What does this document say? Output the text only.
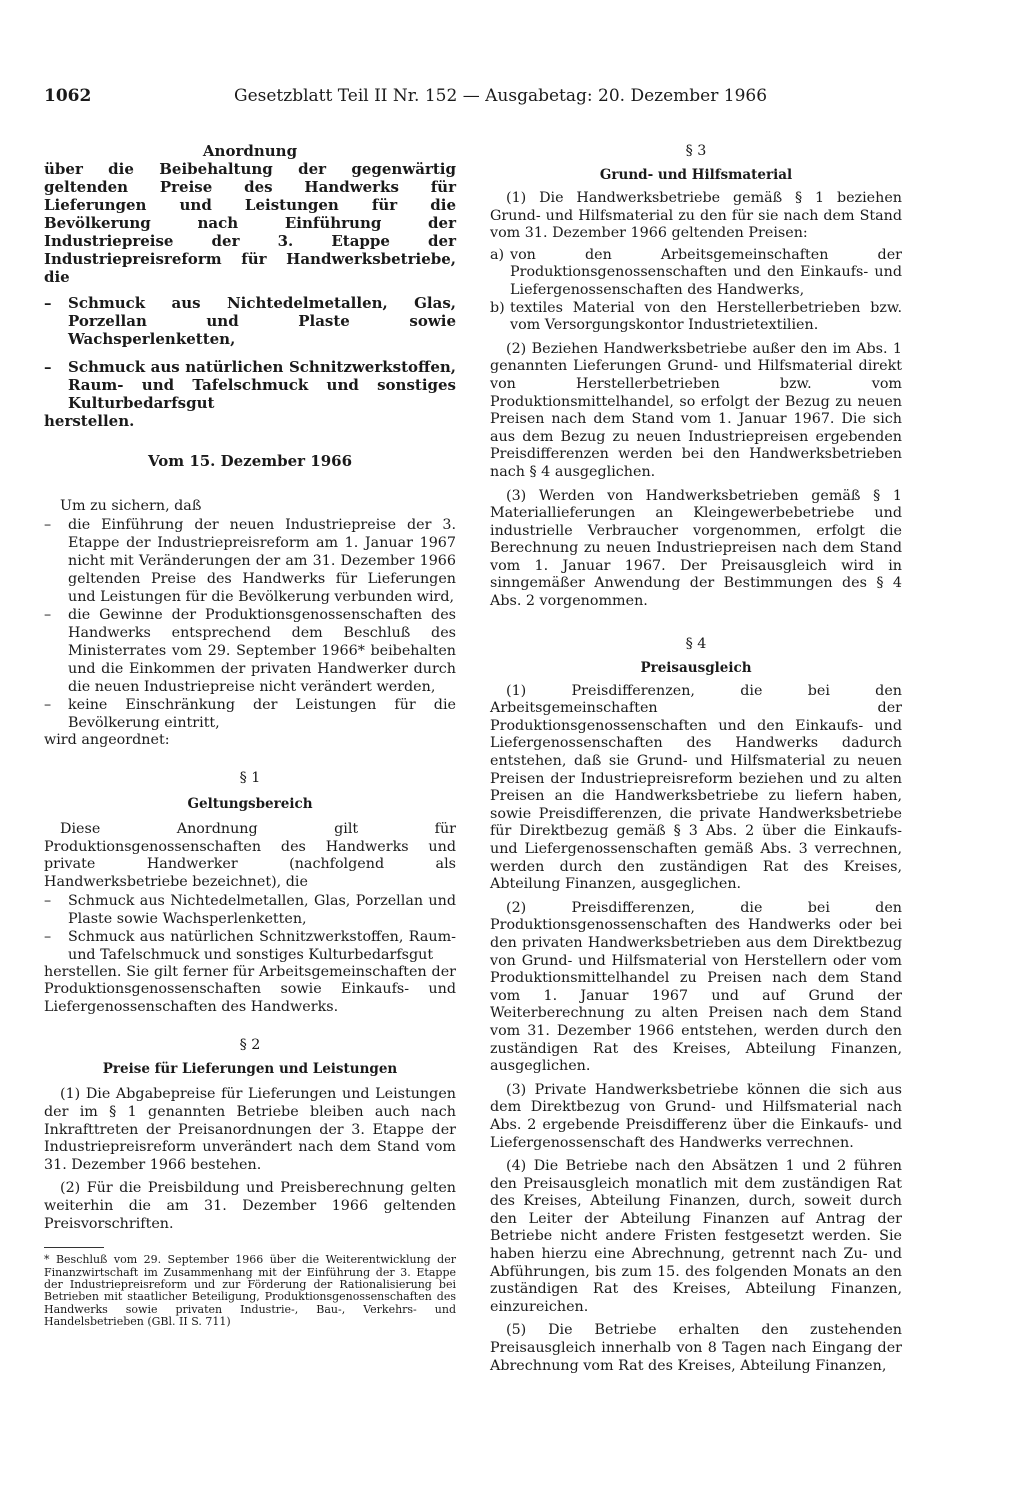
1062	Gesetzblatt Teil II Nr. 152 — Ausgabetag: 20. Dezember 1966
Anordnung
über die Beibehaltung der gegenwärtig geltenden Preise des Handwerks für Lieferungen und Leistungen für die Bevölkerung nach Einführung der Industriepreise der 3. Etappe der Industriepreisreform für Handwerksbetriebe, die
– Schmuck aus Nichtedelmetallen, Glas, Porzellan und Plaste sowie Wachsperlenketten,
– Schmuck aus natürlichen Schnitzwerkstoffen, Raum- und Tafelschmuck und sonstiges Kulturbedarfsgut
herstellen.
Vom 15. Dezember 1966

Um zu sichern, daß

– die Einführung der neuen Industriepreise der 3. Etappe der Industriepreisreform am 1. Januar 1967 nicht mit Veränderungen der am 31. Dezember 1966 geltenden Preise des Handwerks für Lieferungen und Leistungen für die Bevölkerung verbunden wird,
– die Gewinne der Produktionsgenossenschaften des Handwerks entsprechend dem Beschluß des Ministerrates vom 29. September 1966* beibehalten und die Einkommen der privaten Handwerker durch die neuen Industriepreise nicht verändert werden,
– keine Einschränkung der Leistungen für die Bevölkerung eintritt,

wird angeordnet:

§ 1
Geltungsbereich

Diese Anordnung gilt für Produktionsgenossenschaften des Handwerks und private Handwerker (nachfolgend als Handwerksbetriebe bezeichnet), die

– Schmuck aus Nichtedelmetallen, Glas, Porzellan und Plaste sowie Wachsperlenketten,
– Schmuck aus natürlichen Schnitzwerkstoffen, Raum- und Tafelschmuck und sonstiges Kulturbedarfsgut

herstellen. Sie gilt ferner für Arbeitsgemeinschaften der Produktionsgenossenschaften sowie Einkaufs- und Liefergenossenschaften des Handwerks.

§ 2
Preise für Lieferungen und Leistungen

(1) Die Abgabepreise für Lieferungen und Leistungen der im § 1 genannten Betriebe bleiben auch nach Inkrafttreten der Preisanordnungen der 3. Etappe der Industriepreisreform unverändert nach dem Stand vom 31. Dezember 1966 bestehen.

(2) Für die Preisbildung und Preisberechnung gelten weiterhin die am 31. Dezember 1966 geltenden Preisvorschriften.

* Beschluß vom 29. September 1966 über die Weiterentwicklung der Finanzwirtschaft im Zusammenhang mit der Einführung der 3. Etappe der Industriepreisreform und zur Förderung der Rationalisierung bei Betrieben mit staatlicher Beteiligung, Produktionsgenossenschaften des Handwerks sowie privaten Industrie-, Bau-, Verkehrs- und Handelsbetrieben (GBl. II S. 711)
§ 3
Grund- und Hilfsmaterial

(1) Die Handwerksbetriebe gemäß § 1 beziehen Grund- und Hilfsmaterial zu den für sie nach dem Stand vom 31. Dezember 1966 geltenden Preisen:

a) von den Arbeitsgemeinschaften der Produktionsgenossenschaften und den Einkaufs- und Liefergenossenschaften des Handwerks,
b) textiles Material von den Herstellerbetrieben bzw. vom Versorgungskontor Industrietextilien.

(2) Beziehen Handwerksbetriebe außer den im Abs. 1 genannten Lieferungen Grund- und Hilfsmaterial direkt von Herstellerbetrieben bzw. vom Produktionsmittelhandel, so erfolgt der Bezug zu neuen Preisen nach dem Stand vom 1. Januar 1967. Die sich aus dem Bezug zu neuen Industriepreisen ergebenden Preisdifferenzen werden bei den Handwerksbetrieben nach § 4 ausgeglichen.

(3) Werden von Handwerksbetrieben gemäß § 1 Materiallieferungen an Kleingewerbebetriebe und industrielle Verbraucher vorgenommen, erfolgt die Berechnung zu neuen Industriepreisen nach dem Stand vom 1. Januar 1967. Der Preisausgleich wird in sinngemäßer Anwendung der Bestimmungen des § 4 Abs. 2 vorgenommen.

§ 4
Preisausgleich

(1) Preisdifferenzen, die bei den Arbeitsgemeinschaften der Produktionsgenossenschaften und den Einkaufs- und Liefergenossenschaften des Handwerks dadurch entstehen, daß sie Grund- und Hilfsmaterial zu neuen Preisen der Industriepreisreform beziehen und zu alten Preisen an die Handwerksbetriebe zu liefern haben, sowie Preisdifferenzen, die private Handwerksbetriebe für Direktbezug gemäß § 3 Abs. 2 über die Einkaufs- und Liefergenossenschaften gemäß Abs. 3 verrechnen, werden durch den zuständigen Rat des Kreises, Abteilung Finanzen, ausgeglichen.

(2) Preisdifferenzen, die bei den Produktionsgenossenschaften des Handwerks oder bei den privaten Handwerksbetrieben aus dem Direktbezug von Grund- und Hilfsmaterial von Herstellern oder vom Produktionsmittelhandel zu Preisen nach dem Stand vom 1. Januar 1967 und auf Grund der Weiterberechnung zu alten Preisen nach dem Stand vom 31. Dezember 1966 entstehen, werden durch den zuständigen Rat des Kreises, Abteilung Finanzen, ausgeglichen.

(3) Private Handwerksbetriebe können die sich aus dem Direktbezug von Grund- und Hilfsmaterial nach Abs. 2 ergebende Preisdifferenz über die Einkaufs- und Liefergenossenschaft des Handwerks verrechnen.

(4) Die Betriebe nach den Absätzen 1 und 2 führen den Preisausgleich monatlich mit dem zuständigen Rat des Kreises, Abteilung Finanzen, durch, soweit durch den Leiter der Abteilung Finanzen auf Antrag der Betriebe nicht andere Fristen festgesetzt werden. Sie haben hierzu eine Abrechnung, getrennt nach Zu- und Abführungen, bis zum 15. des folgenden Monats an den zuständigen Rat des Kreises, Abteilung Finanzen, einzureichen.

(5) Die Betriebe erhalten den zustehenden Preisausgleich innerhalb von 8 Tagen nach Eingang der Abrechnung vom Rat des Kreises, Abteilung Finanzen,
